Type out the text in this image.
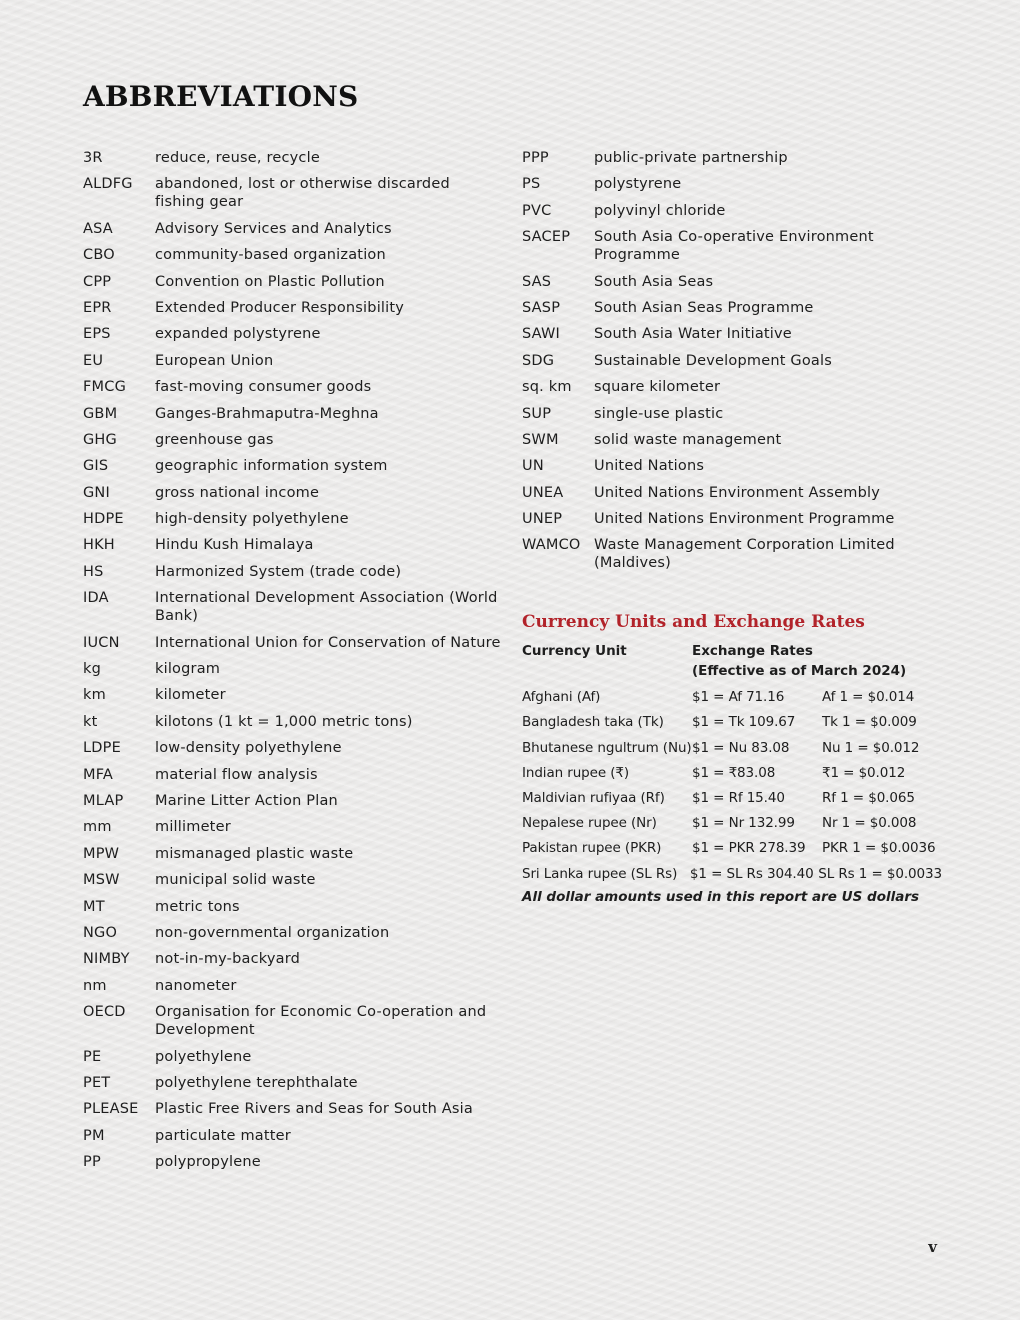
ABBREVIATIONS
3R	reduce, reuse, recycle
ALDFG	abandoned, lost or otherwise discarded fishing gear
ASA	Advisory Services and Analytics
CBO	community-based organization
CPP	Convention on Plastic Pollution
EPR	Extended Producer Responsibility
EPS	expanded polystyrene
EU	European Union
FMCG	fast-moving consumer goods
GBM	Ganges-Brahmaputra-Meghna
GHG	greenhouse gas
GIS	geographic information system
GNI	gross national income
HDPE	high-density polyethylene
HKH	Hindu Kush Himalaya
HS	Harmonized System (trade code)
IDA	International Development Association (World Bank)
IUCN	International Union for Conservation of Nature
kg	kilogram
km	kilometer
kt	kilotons (1 kt = 1,000 metric tons)
LDPE	low-density polyethylene
MFA	material flow analysis
MLAP	Marine Litter Action Plan
mm	millimeter
MPW	mismanaged plastic waste
MSW	municipal solid waste
MT	metric tons
NGO	non-governmental organization
NIMBY	not-in-my-backyard
nm	nanometer
OECD	Organisation for Economic Co-operation and Development
PE	polyethylene
PET	polyethylene terephthalate
PLEASE	Plastic Free Rivers and Seas for South Asia
PM	particulate matter
PP	polypropylene
PPP	public-private partnership
PS	polystyrene
PVC	polyvinyl chloride
SACEP	South Asia Co-operative Environment Programme
SAS	South Asia Seas
SASP	South Asian Seas Programme
SAWI	South Asia Water Initiative
SDG	Sustainable Development Goals
sq. km	square kilometer
SUP	single-use plastic
SWM	solid waste management
UN	United Nations
UNEA	United Nations Environment Assembly
UNEP	United Nations Environment Programme
WAMCO Waste Management Corporation Limited (Maldives)
Currency Units and Exchange Rates
Currency Unit	Exchange Rates
(Effective as of March 2024)
Afghani (Af)	$1 = Af 71.16	Af 1 = $0.014
Bangladesh taka (Tk)	$1 = Tk 109.67	Tk 1 = $0.009
Bhutanese ngultrum (Nu) $1 = Nu 83.08	Nu 1 = $0.012
Indian rupee (₹)	$1 = ₹83.08	₹1 = $0.012
Maldivian rufiyaa (Rf)	$1 = Rf 15.40	Rf 1 = $0.065
Nepalese rupee (Nr)	$1 = Nr 132.99	Nr 1 = $0.008
Pakistan rupee (PKR)	$1 = PKR 278.39	PKR 1 = $0.0036
Sri Lanka rupee (SL Rs) $1 = SL Rs 304.40 SL Rs 1 = $0.0033
All dollar amounts used in this report are US dollars
v
